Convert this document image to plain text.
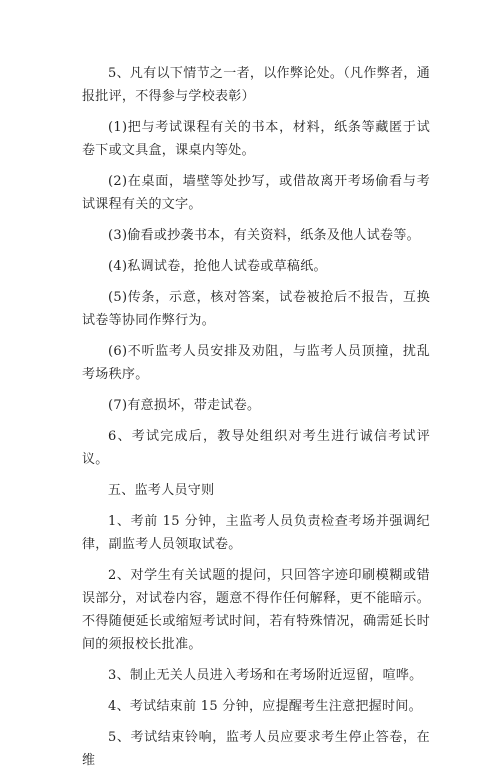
5、凡有以下情节之一者，以作弊论处。（凡作弊者，通报批评，不得参与学校表彰）

(1)把与考试课程有关的书本，材料，纸条等藏匿于试卷下或文具盒，课桌内等处。

(2)在桌面，墙壁等处抄写，或借故离开考场偷看与考试课程有关的文字。

(3)偷看或抄袭书本，有关资料，纸条及他人试卷等。

(4)私调试卷，抢他人试卷或草稿纸。

(5)传条，示意，核对答案，试卷被抢后不报告，互换试卷等协同作弊行为。

(6)不听监考人员安排及劝阻，与监考人员顶撞，扰乱考场秩序。

(7)有意损坏，带走试卷。

6、考试完成后，教导处组织对考生进行诚信考试评议。

五、监考人员守则

1、考前 15 分钟，主监考人员负责检查考场并强调纪律，副监考人员领取试卷。

2、对学生有关试题的提问，只回答字迹印刷模糊或错误部分，对试卷内容，题意不得作任何解释，更不能暗示。不得随便延长或缩短考试时间，若有特殊情况，确需延长时间的须报校长批准。

3、制止无关人员进入考场和在考场附近逗留，喧哗。

4、考试结束前 15 分钟，应提醒考生注意把握时间。

5、考试结束铃响，监考人员应要求考生停止答卷，在维
